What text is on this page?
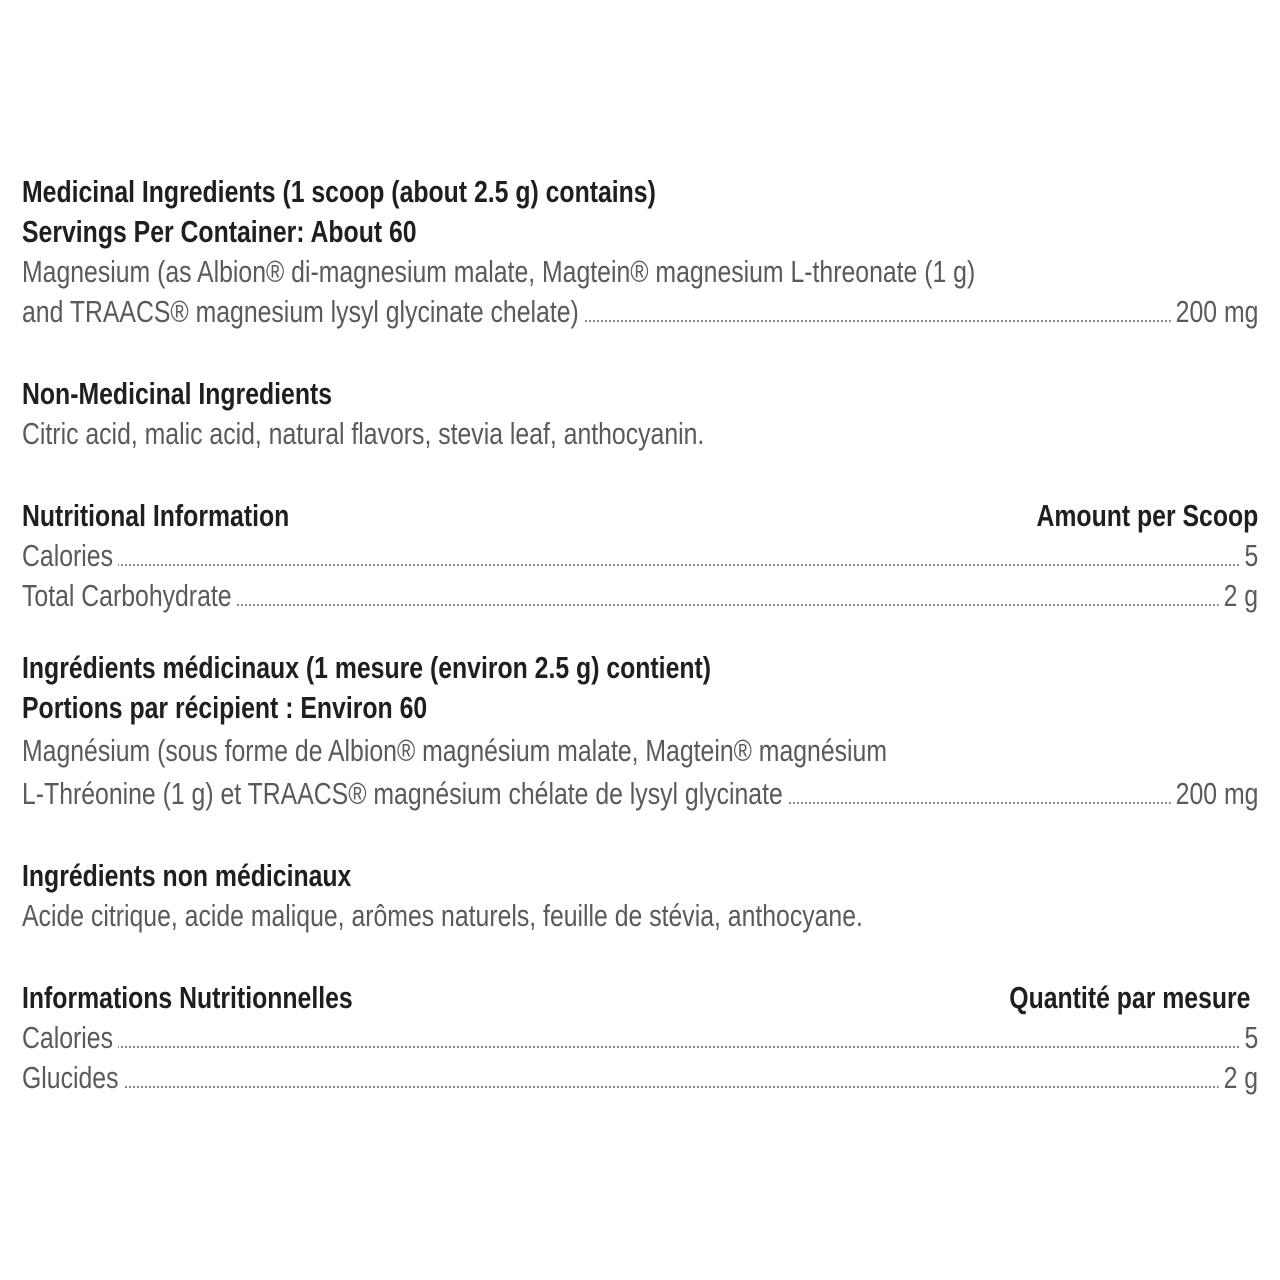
Medicinal Ingredients (1 scoop (about 2.5 g) contains)
Servings Per Container: About 60
Magnesium (as Albion® di-magnesium malate, Magtein® magnesium L-threonate (1 g)
and TRAACS® magnesium lysyl glycinate chelate)	200 mg
Non-Medicinal Ingredients
Citric acid, malic acid, natural flavors, stevia leaf, anthocyanin.
Nutritional Information	Amount per Scoop
Calories	5
Total Carbohydrate	2 g
Ingrédients médicinaux (1 mesure (environ 2.5 g) contient)
Portions par récipient : Environ 60
Magnésium (sous forme de Albion® magnésium malate, Magtein® magnésium
L-Thréonine (1 g) et TRAACS® magnésium chélate de lysyl glycinate	200 mg
Ingrédients non médicinaux
Acide citrique, acide malique, arômes naturels, feuille de stévia, anthocyane.
Informations Nutritionnelles	Quantité par mesure
Calories	5
Glucides	2 g
